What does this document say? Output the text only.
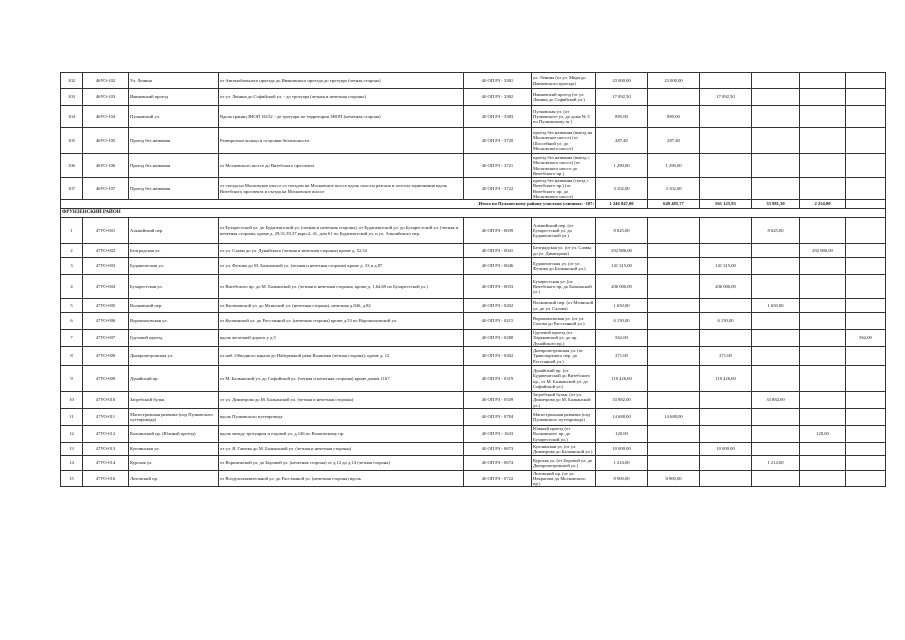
102	46УО-102	Ул. Ленина	от Автомобильного проезда до Ивановского проезда до тротуара (четная сторона)	40 ОП РЗ - 3381	ул. Ленина (от ул. Мира до Ивановского проезда)	23 000,00	23 000,00				
103	46УО-103	Ивановский проезд	от ул. Ленина до Софийской ул. - до тротуара (четная и нечетная стороны)	40 ОП РЗ - 3382	Ивановский проезд (от ул. Ленина до Софийской ул.)	17 092,50		17 092,50			
104	46УО-104	Пулковский ул.	Вдоль границ ЗНОП 16152 - до тротуара по территории ЗНОП (нечетная сторона)	40 ОП РЗ - 3383	Пулковская ул. (от Пулковского ул. до дома № 3 по Пулковскому ш.)	885,00	885,00				
105	46УО-105	Проезд без названия	Разворотное кольцо и островки безопасности	40 ОП РЗ - 3720	проезд без названия (выезд на Московское шоссе) (от Шоссейной ул. до Московского шоссе)	287,40	287,40				
106	46УО-106	Проезд без названия	от Московского шоссе до Витебского проспекта	40 ОП РЗ - 3721	проезд без названия (выезд с Московского шоссе) (от Московского шоссе до Витебского пр.)	1 290,00	1 290,00				
107	46УО-107	Проезд без названия	от съезда на Московское шоссе со съездом на Московское шоссе вдоль полосы разгона и полосы торможения вдоль Витебского проспекта и съезда на Московское шоссе	40 ОП РЗ - 3722	проезд без названия (съезд с Витебского пр.) (от Витебского пр. до Московского шоссе)	3 102,00	3 102,00				
Итого по Пулковскому району участков уличных: -107:						1 246 847,00	649 485,77	561 125,93	33 981,30	2 254,00	
ФРУНЗЕНСКИЙ РАЙОН											
1	47УО-001	Альпийский пер.	от Бухарестской ул. до Будапештской ул. (четная и нечетная стороны), от Будапештской ул. до Бухарестской ул. (четная и нечетная стороны, кроме д. 29,31,39,37 корп.2, 41, дом 61 по Будапештской ул. и ул. Альпийского пер.	40 ОП РЗ - 0039	Альпийский пер. (от Бухарестской ул. до Будапештской ул.)	8 625,00			8 625,00		
2	47УО-002	Белградская ул.	от ул. Славы до ул. Дунайского (четная и нечетная стороны) кроме д. 52,54	40 ОП РЗ - 0041	Белградская ул. (от ул. Славы до ул. Димитрова)	292 886,00				292 886,00	
3	47УО-003	Будапештская ул.	от ул. Фучика до М. Балканской ул. (четная и нечетная стороны) кроме д. 33 и д.87	40 ОП РЗ - 0046	Будапештская ул. (от ул. Фучика до Балканской ул.)	141 315,00		141 315,00			
4	47УО-004	Бухарестская ул.	от Витебского пр. до М. Балканской ул. (четная и нечетная стороны, кроме д. 1,64,69 по Бухарестской ул.)	40 ОП РЗ - 0033	Бухарестская ул. (от Витебского пр. до Балканской ул.)	206 000,00		206 000,00			
5	47УО-005	Волковский пер.	от Касимовской ул. до Мгинской ул. (нечетная сторона), нечетная д.84б, д.82	40 ОП РЗ - 0202	Волковский пер. (от Мгинской ул. до ул. Салова)	1 650,00			1 650,00		
6	47УО-006	Ворошиловская ул.	от Купчинской ул. до Расстанной ул. (нечетная сторона) кроме д.53 по Ворошиловской ул.	40 ОП РЗ - 0215	Ворошиловская ул. (от ул. Салова до Расстанной ул.)	6 150,00		6 150,00			
7	47УО-007	Грузовой проезд	вдоль железной дороги у д.5	40 ОП РЗ - 0280	Грузовой проезд (от Харьковской ул. до пр. Дунайского пр.)	562,00					562,00
8	47УО-008	Днепропетровская ул.	от наб. Обводного канала до Набережной реки Волковки (четная сторона), кроме д. 12	40 ОП РЗ - 0302	Днепропетровская ул. (от Транспортного пер. до Расстанной ул.)	371,00		371,00			
9	47УО-009	Дунайский пр.	от М. Балканской ул. до Софийской ул. (четная и нечетная стороны) кроме домов 1167	40 ОП РЗ - 0319	Дунайский пр. (от Будапештской до Витебского пр., от М. Балканской ул. до Софийской ул.)	118 426,00		118 426,00			
10	47УО-010	Загребский бульв.	от ул. Димитрова до М. Балканской ул. (четная и нечетная стороны)	40 ОП РЗ - 0339	Загребский бульв. (от ул. Димитрова до М. Балканской ул.)	33 882,00			33 882,00		
11	47УО-011	Магистральная развязка (под Пулковского путепровода)	вдоль Пулковского путепровода	40 ОП РЗ - 0784	Магистральная развязка (под Пулковского путепровода)	14 688,00	14 688,00				
12	47УО-012	Колпинский пр. (Южный проезд)	вдоль между тротуаром и ездовой ул. д.146 по Волковскому пр.	40 ОП РЗ - 1633	Южный проезд (от Волковского пр. до Бухарестской ул.)	120,00				120,00	
13	47УО-013	Купчинская ул.	от ул. Я. Гашека до М. Балканской ул. (четная и нечетная стороны)	40 ОП РЗ - 0673	Купчинская ул. (от ул. Димитрова до Балканской ул.)	10 000,00		10 000,00			
14	47УО-014	Курская ул.	от Воронежской ул. до Боровой ул. (нечетная сторона) от д.12 до д.14 (четная сторона)	40 ОП РЗ - 0674	Курская ул. (от Боровой ул. до Днепропетровской ул.)	1 214,00			1 214,00		
15	47УО-016	Лиговский пр.	от Воздухоплавательной ул. до Расстанной ул. (нечетная сторона) вдоль	40 ОП РЗ - 0722	Лиговский пр. (от ул. Некрасова до Московского пр.)	8 900,00	8 900,00				
